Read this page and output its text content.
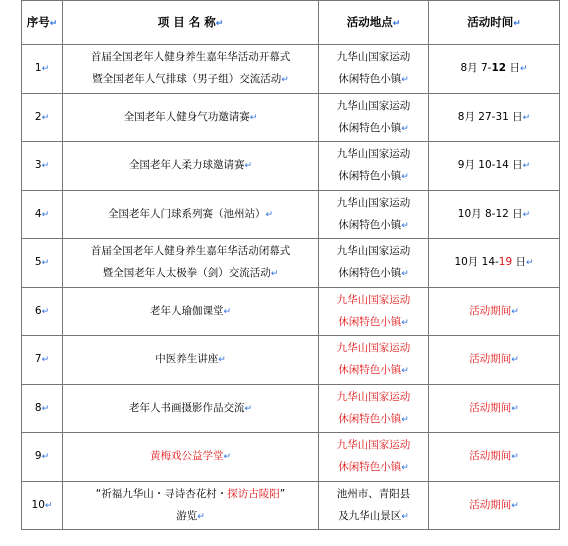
序号↵	项 目 名 称↵	活动地点↵	活动时间↵
1↵	首届全国老年人健身养生嘉年华活动开幕式
暨全国老年人气排球（男子组）交流活动↵	九华山国家运动
休闲特色小镇↵	8月 7-12 日↵
2↵	全国老年人健身气功邀请赛↵	九华山国家运动
休闲特色小镇↵	8月 27-31 日↵
3↵	全国老年人柔力球邀请赛↵	九华山国家运动
休闲特色小镇↵	9月 10-14 日↵
4↵	全国老年人门球系列赛（池州站）↵	九华山国家运动
休闲特色小镇↵	10月 8-12 日↵
5↵	首届全国老年人健身养生嘉年华活动闭幕式
暨全国老年人太极拳（剑）交流活动↵	九华山国家运动
休闲特色小镇↵	10月 14-19 日↵
6↵	老年人瑜伽课堂↵	九华山国家运动
休闲特色小镇↵	活动期间↵
7↵	中医养生讲座↵	九华山国家运动
休闲特色小镇↵	活动期间↵
8↵	老年人书画摄影作品交流↵	九华山国家运动
休闲特色小镇↵	活动期间↵
9↵	黄梅戏公益学堂↵	九华山国家运动
休闲特色小镇↵	活动期间↵
10↵	“祈福九华山・寻诗杏花村・探访古陵阳”
游览↵	池州市、青阳县
及九华山景区↵	活动期间↵
